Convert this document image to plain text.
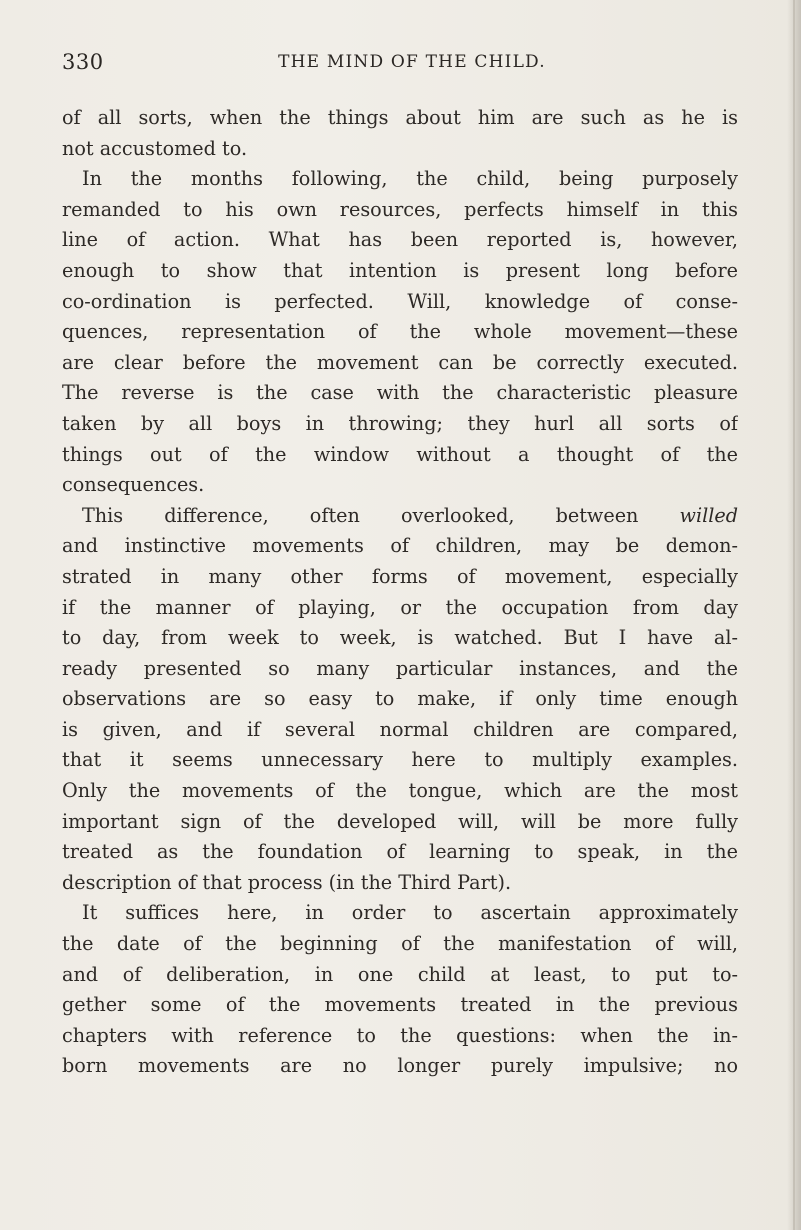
330	THE MIND OF THE CHILD.
of all sorts, when the things about him are such as he is
not accustomed to.
In the months following, the child, being purposely
remanded to his own resources, perfects himself in this
line of action. What has been reported is, however,
enough to show that intention is present long before
co-ordination is perfected. Will, knowledge of conse-
quences, representation of the whole movement—these
are clear before the movement can be correctly executed.
The reverse is the case with the characteristic pleasure
taken by all boys in throwing; they hurl all sorts of
things out of the window without a thought of the
consequences.
This difference, often overlooked, between willed
and instinctive movements of children, may be demon-
strated in many other forms of movement, especially
if the manner of playing, or the occupation from day
to day, from week to week, is watched. But I have al-
ready presented so many particular instances, and the
observations are so easy to make, if only time enough
is given, and if several normal children are compared,
that it seems unnecessary here to multiply examples.
Only the movements of the tongue, which are the most
important sign of the developed will, will be more fully
treated as the foundation of learning to speak, in the
description of that process (in the Third Part).
It suffices here, in order to ascertain approximately
the date of the beginning of the manifestation of will,
and of deliberation, in one child at least, to put to-
gether some of the movements treated in the previous
chapters with reference to the questions: when the in-
born movements are no longer purely impulsive; no
